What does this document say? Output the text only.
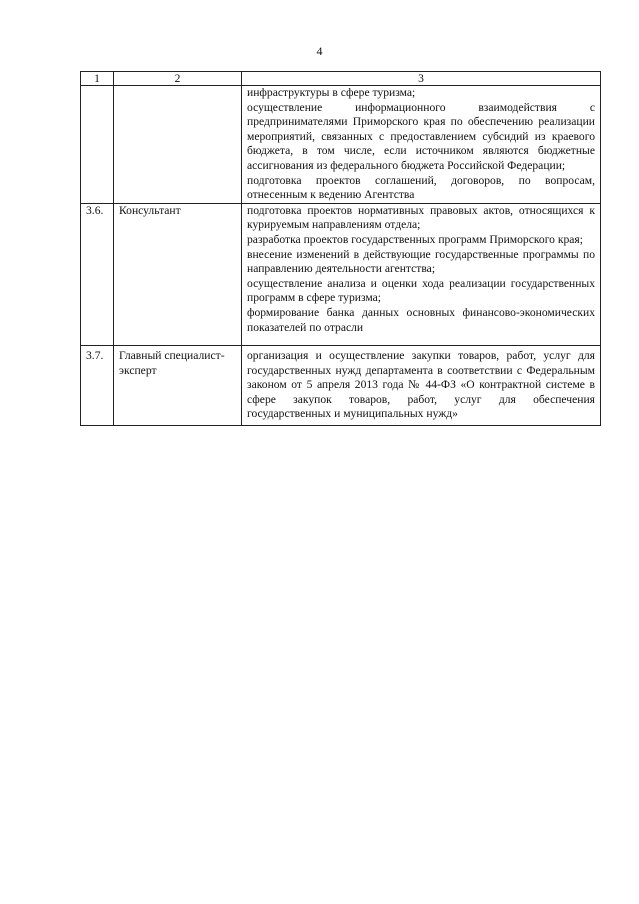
4
1	2	3

		инфраструктуры в сфере туризма;
осуществление информационного взаимодействия с предпринимателями Приморского края по обеспечению реализации мероприятий, связанных с предоставлением субсидий из краевого бюджета, в том числе, если источником являются бюджетные ассигнования из федерального бюджета Российской Федерации;
подготовка проектов соглашений, договоров, по вопросам, отнесенным к ведению Агентства

3.6.	Консультант	подготовка проектов нормативных правовых актов, относящихся к курируемым направлениям отдела;
разработка проектов государственных программ Приморского края;
внесение изменений в действующие государственные программы по направлению деятельности агентства;
осуществление анализа и оценки хода реализации государственных программ в сфере туризма;
формирование банка данных основных финансово-экономических показателей по отрасли

3.7.	Главный специалист-эксперт	организация и осуществление закупки товаров, работ, услуг для государственных нужд департамента в соответствии с Федеральным законом от 5 апреля 2013 года № 44-ФЗ «О контрактной системе в сфере закупок товаров, работ, услуг для обеспечения государственных и муниципальных нужд»
